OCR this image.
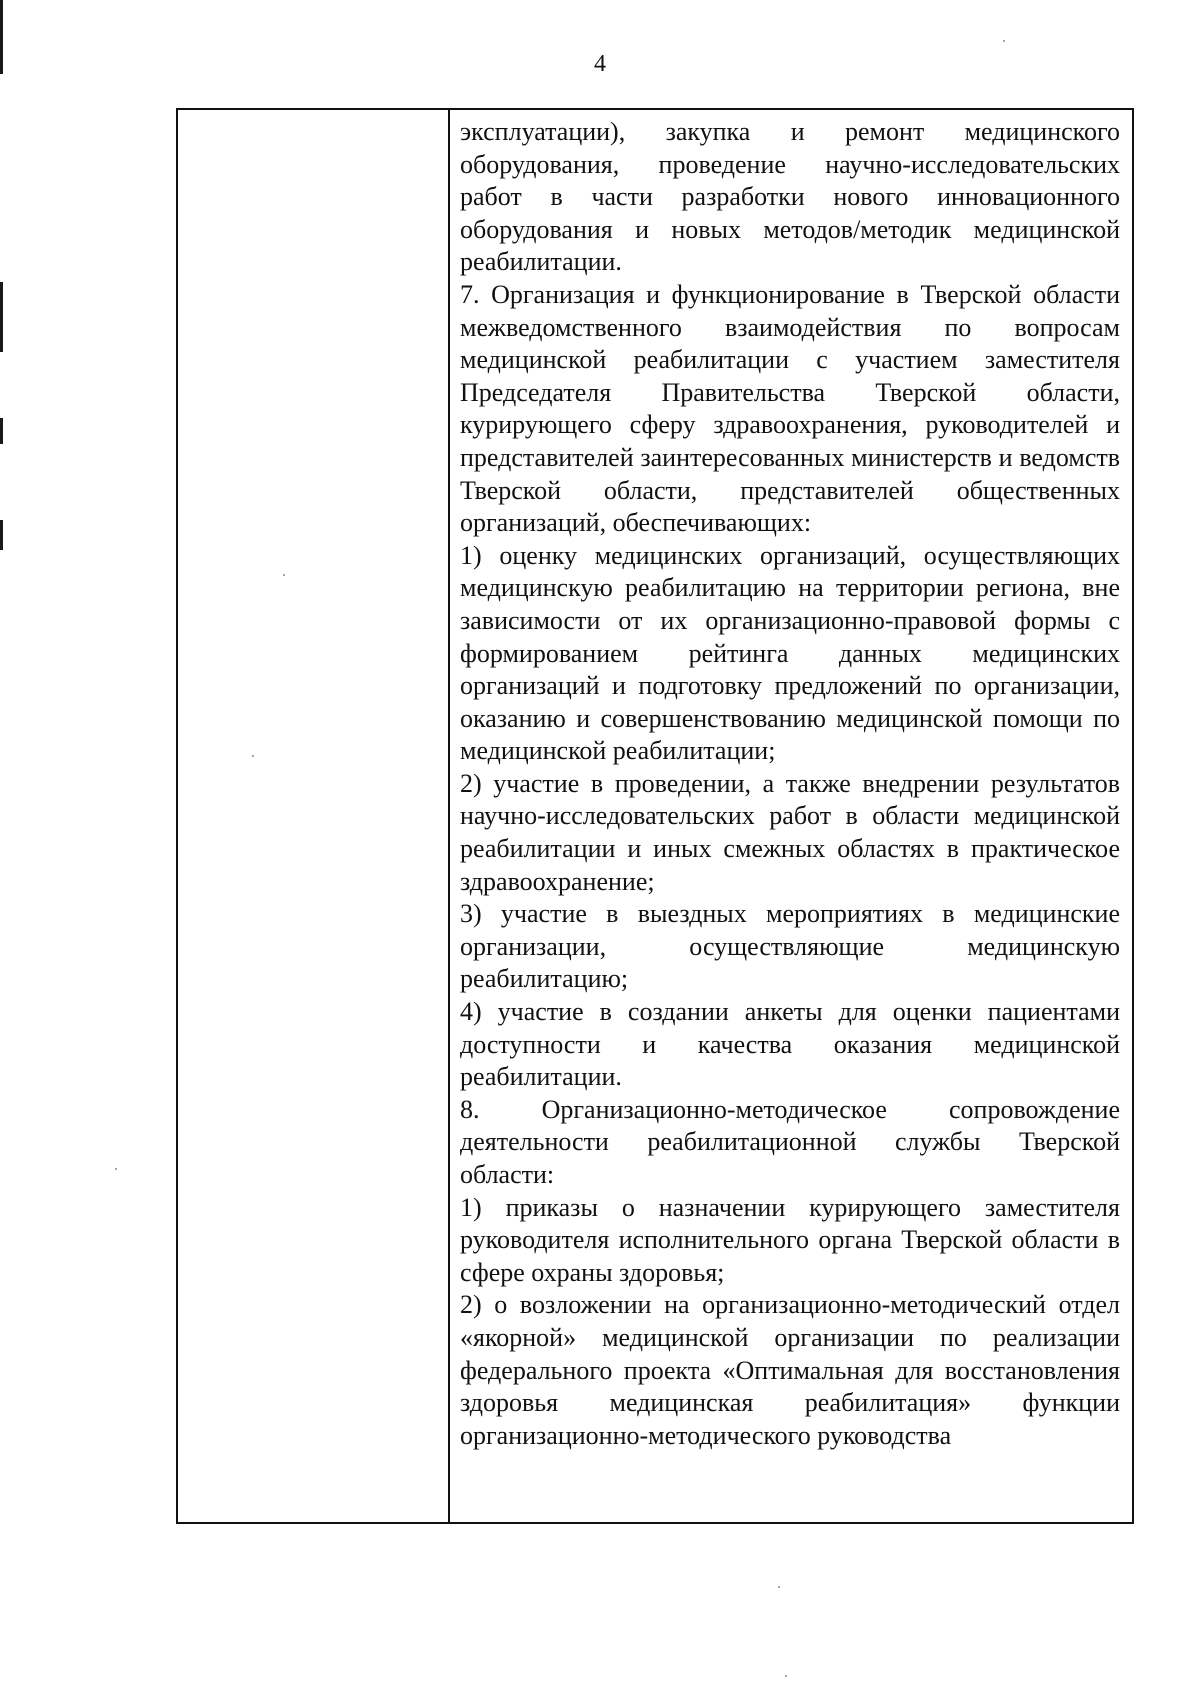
4

эксплуатации), закупка и ремонт медицинского оборудования, проведение научно-исследовательских работ в части разработки нового инновационного оборудования и новых методов/методик медицинской реабилитации.

7. Организация и функционирование в Тверской области межведомственного взаимодействия по вопросам медицинской реабилитации с участием заместителя Председателя Правительства Тверской области, курирующего сферу здравоохранения, руководителей и представителей заинтересованных министерств и ведомств Тверской области, представителей общественных организаций, обеспечивающих:

1) оценку медицинских организаций, осуществляющих медицинскую реабилитацию на территории региона, вне зависимости от их организационно-правовой формы с формированием рейтинга данных медицинских организаций и подготовку предложений по организации, оказанию и совершенствованию медицинской помощи по медицинской реабилитации;

2) участие в проведении, а также внедрении результатов научно-исследовательских работ в области медицинской реабилитации и иных смежных областях в практическое здравоохранение;

3) участие в выездных мероприятиях в медицинские организации, осуществляющие медицинскую реабилитацию;

4) участие в создании анкеты для оценки пациентами доступности и качества оказания медицинской реабилитации.

8. Организационно-методическое сопровождение деятельности реабилитационной службы Тверской области:

1) приказы о назначении курирующего заместителя руководителя исполнительного органа Тверской области в сфере охраны здоровья;

2) о возложении на организационно-методический отдел «якорной» медицинской организации по реализации федерального проекта «Оптимальная для восстановления здоровья медицинская реабилитация» функции организационно-методического руководства
